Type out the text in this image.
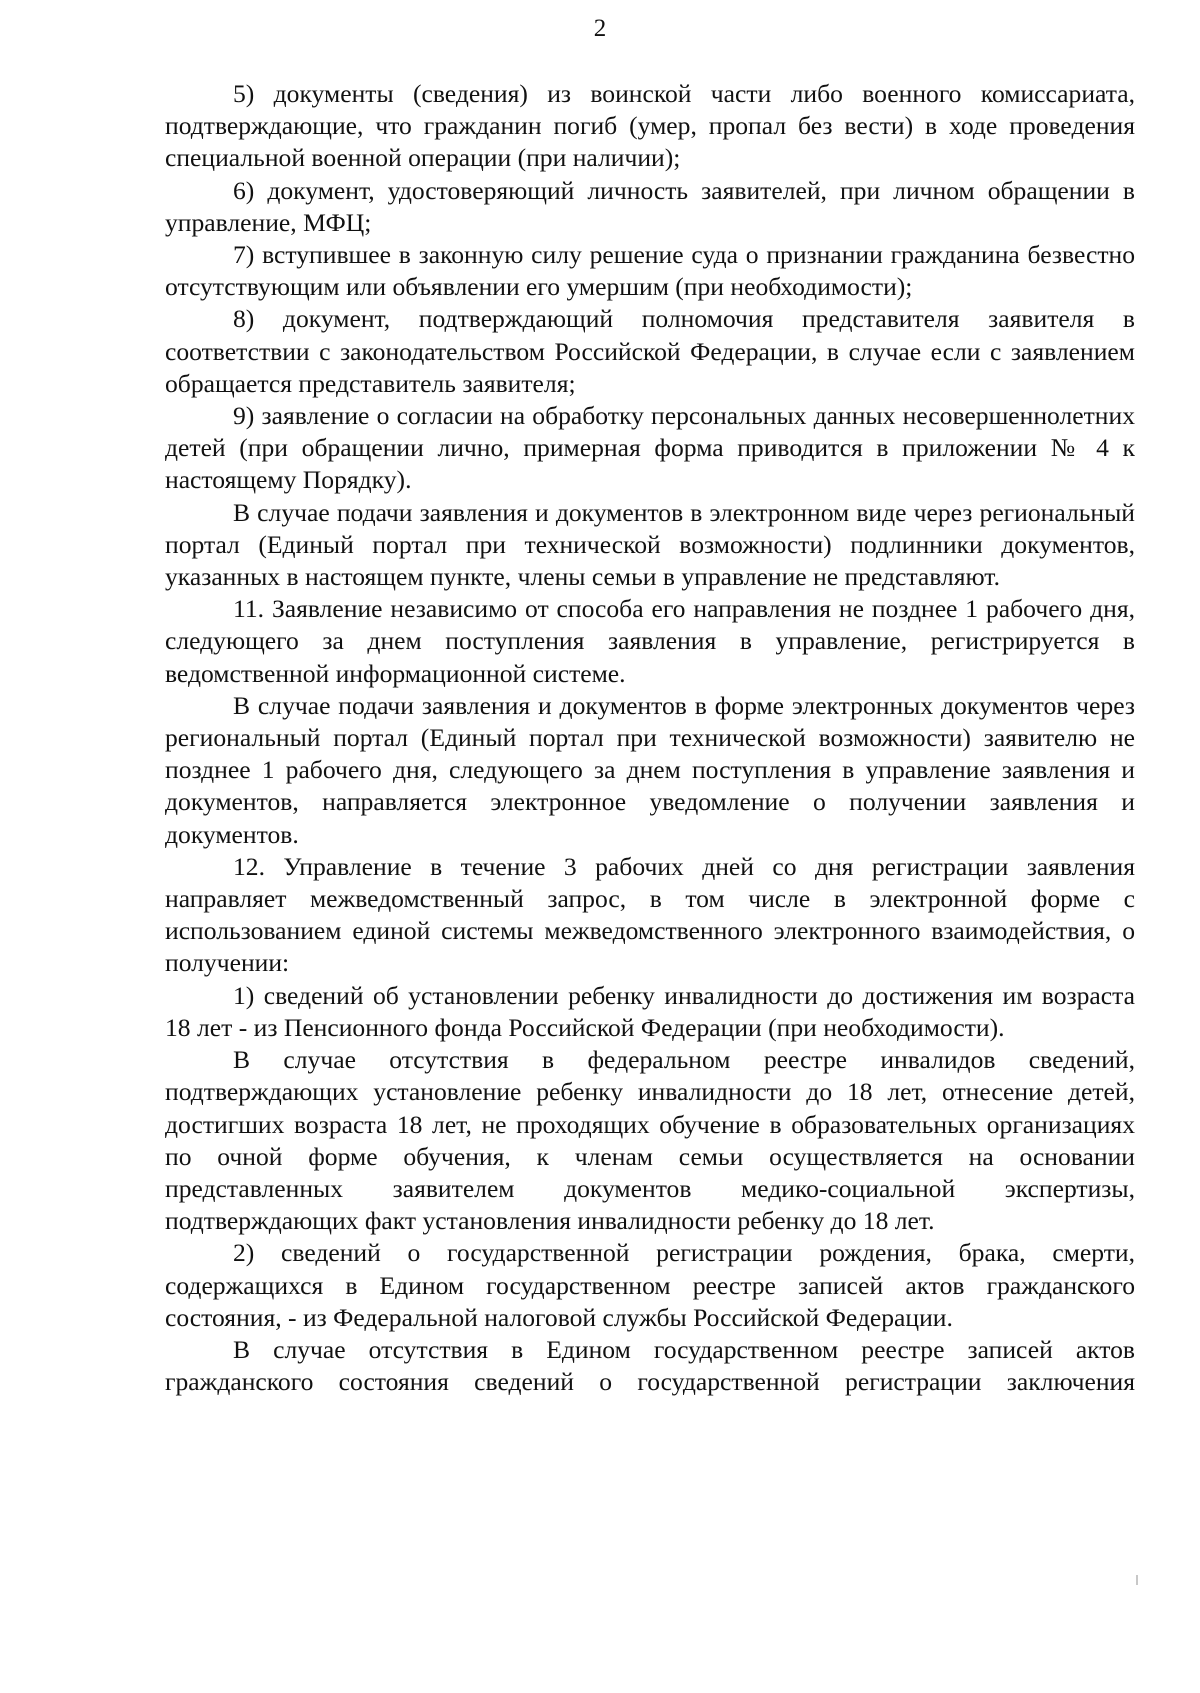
2

5) документы (сведения) из воинской части либо военного комиссариата, подтверждающие, что гражданин погиб (умер, пропал без вести) в ходе проведения специальной военной операции (при наличии);

6) документ, удостоверяющий личность заявителей, при личном обращении в управление, МФЦ;

7) вступившее в законную силу решение суда о признании гражданина безвестно отсутствующим или объявлении его умершим (при необходимости);

8) документ, подтверждающий полномочия представителя заявителя в соответствии с законодательством Российской Федерации, в случае если с заявлением обращается представитель заявителя;

9) заявление о согласии на обработку персональных данных несовершеннолетних детей (при обращении лично, примерная форма приводится в приложении № 4 к настоящему Порядку).

В случае подачи заявления и документов в электронном виде через региональный портал (Единый портал при технической возможности) подлинники документов, указанных в настоящем пункте, члены семьи в управление не представляют.

11. Заявление независимо от способа его направления не позднее 1 рабочего дня, следующего за днем поступления заявления в управление, регистрируется в ведомственной информационной системе.

В случае подачи заявления и документов в форме электронных документов через региональный портал (Единый портал при технической возможности) заявителю не позднее 1 рабочего дня, следующего за днем поступления в управление заявления и документов, направляется электронное уведомление о получении заявления и документов.

12. Управление в течение 3 рабочих дней со дня регистрации заявления направляет межведомственный запрос, в том числе в электронной форме с использованием единой системы межведомственного электронного взаимодействия, о получении:

1) сведений об установлении ребенку инвалидности до достижения им возраста 18 лет - из Пенсионного фонда Российской Федерации (при необходимости).

В случае отсутствия в федеральном реестре инвалидов сведений, подтверждающих установление ребенку инвалидности до 18 лет, отнесение детей, достигших возраста 18 лет, не проходящих обучение в образовательных организациях по очной форме обучения, к членам семьи осуществляется на основании представленных заявителем документов медико-социальной экспертизы, подтверждающих факт установления инвалидности ребенку до 18 лет.

2) сведений о государственной регистрации рождения, брака, смерти, содержащихся в Едином государственном реестре записей актов гражданского состояния, - из Федеральной налоговой службы Российской Федерации.

В случае отсутствия в Едином государственном реестре записей актов гражданского состояния сведений о государственной регистрации заключения
